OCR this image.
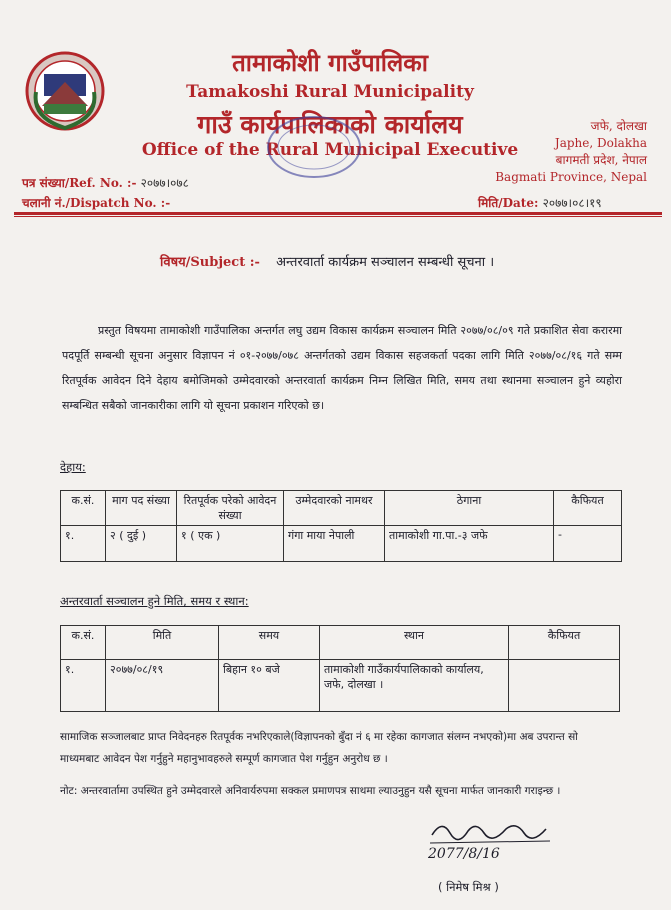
तामाकोशी गाउँपालिका
Tamakoshi Rural Municipality
गाउँ कार्यपालिकाको कार्यालय
Office of the Rural Municipal Executive
जफे, दोलखा
Japhe, Dolakha
बागमती प्रदेश, नेपाल
Bagmati Province, Nepal
पत्र संख्या/Ref. No. :- २०७७।०७८
चलानी नं./Dispatch No. :-	मिति/Date: २०७७।०८।१९
विषय/Subject :- अन्तरवार्ता कार्यक्रम सञ्चालन सम्बन्धी सूचना ।
प्रस्तुत विषयमा तामाकोशी गाउँपालिका अन्तर्गत लघु उद्यम विकास कार्यक्रम सञ्चालन मिति २०७७/०८/०९ गते प्रकाशित सेवा करारमा पदपूर्ति सम्बन्धी सूचना अनुसार विज्ञापन नं ०१-२०७७/०७८ अन्तर्गतको उद्यम विकास सहजकर्ता पदका लागि मिति २०७७/०८/१६ गते सम्म रितपूर्वक आवेदन दिने देहाय बमोजिमको उम्मेदवारको अन्तरवार्ता कार्यक्रम निम्न लिखित मिति, समय तथा स्थानमा सञ्चालन हुने व्यहोरा सम्बन्धित सबैको जानकारीका लागि यो सूचना प्रकाशन गरिएको छ।
देहाय:
क.सं.	माग पद संख्या	रितपूर्वक परेको आवेदन संख्या	उम्मेदवारको नामथर	ठेगाना	कैफियत
१.	२ ( दुई )	१ ( एक )	गंगा माया नेपाली	तामाकोशी गा.पा.-३ जफे	-
अन्तरवार्ता सञ्चालन हुने मिति, समय र स्थान:
क.सं.	मिति	समय	स्थान	कैफियत
१.	२०७७/०८/१९	बिहान १० बजे	तामाकोशी गाउँकार्यपालिकाको कार्यालय, जफे, दोलखा ।	
सामाजिक सञ्जालबाट प्राप्त निवेदनहरु रितपूर्वक नभरिएकाले(विज्ञापनको बुँदा नं ६ मा रहेका कागजात संलग्न नभएको)मा अब उपरान्त सो माध्यमबाट आवेदन पेश गर्नुहुने महानुभावहरुले सम्पूर्ण कागजात पेश गर्नुहुन अनुरोध छ ।
नोट: अन्तरवार्तामा उपस्थित हुने उम्मेदवारले अनिवार्यरुपमा सक्कल प्रमाणपत्र साथमा ल्याउनुहुन यसै सूचना मार्फत जानकारी गराइन्छ ।
2077/8/16
( निमेष मिश्र )
